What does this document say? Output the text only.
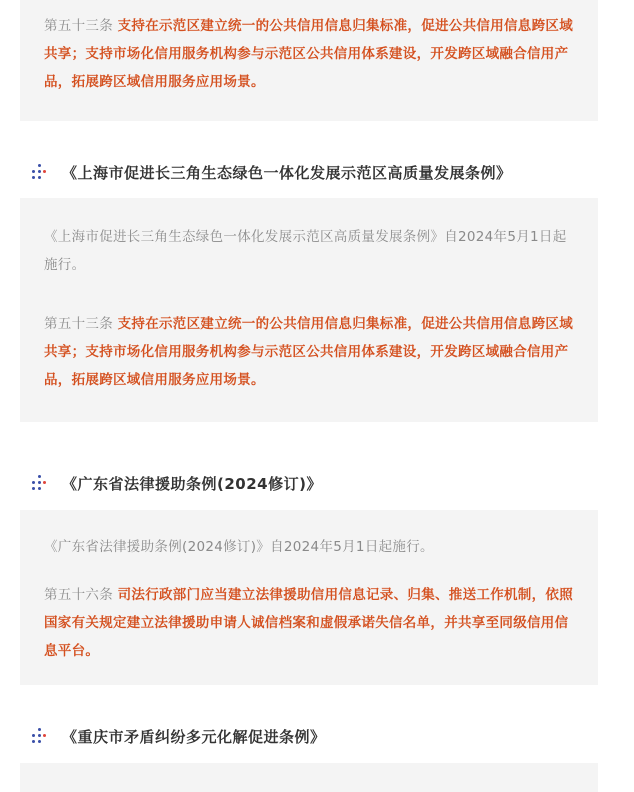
第五十三条 支持在示范区建立统一的公共信用信息归集标准，促进公共信用信息跨区域共享；支持市场化信用服务机构参与示范区公共信用体系建设，开发跨区域融合信用产品，拓展跨区域信用服务应用场景。

《上海市促进长三角生态绿色一体化发展示范区高质量发展条例》

《上海市促进长三角生态绿色一体化发展示范区高质量发展条例》自2024年5月1日起施行。

第五十三条 支持在示范区建立统一的公共信用信息归集标准，促进公共信用信息跨区域共享；支持市场化信用服务机构参与示范区公共信用体系建设，开发跨区域融合信用产品，拓展跨区域信用服务应用场景。

《广东省法律援助条例(2024修订)》

《广东省法律援助条例(2024修订)》自2024年5月1日起施行。

第五十六条 司法行政部门应当建立法律援助信用信息记录、归集、推送工作机制，依照国家有关规定建立法律援助申请人诚信档案和虚假承诺失信名单，并共享至同级信用信息平台。

《重庆市矛盾纠纷多元化解促进条例》
